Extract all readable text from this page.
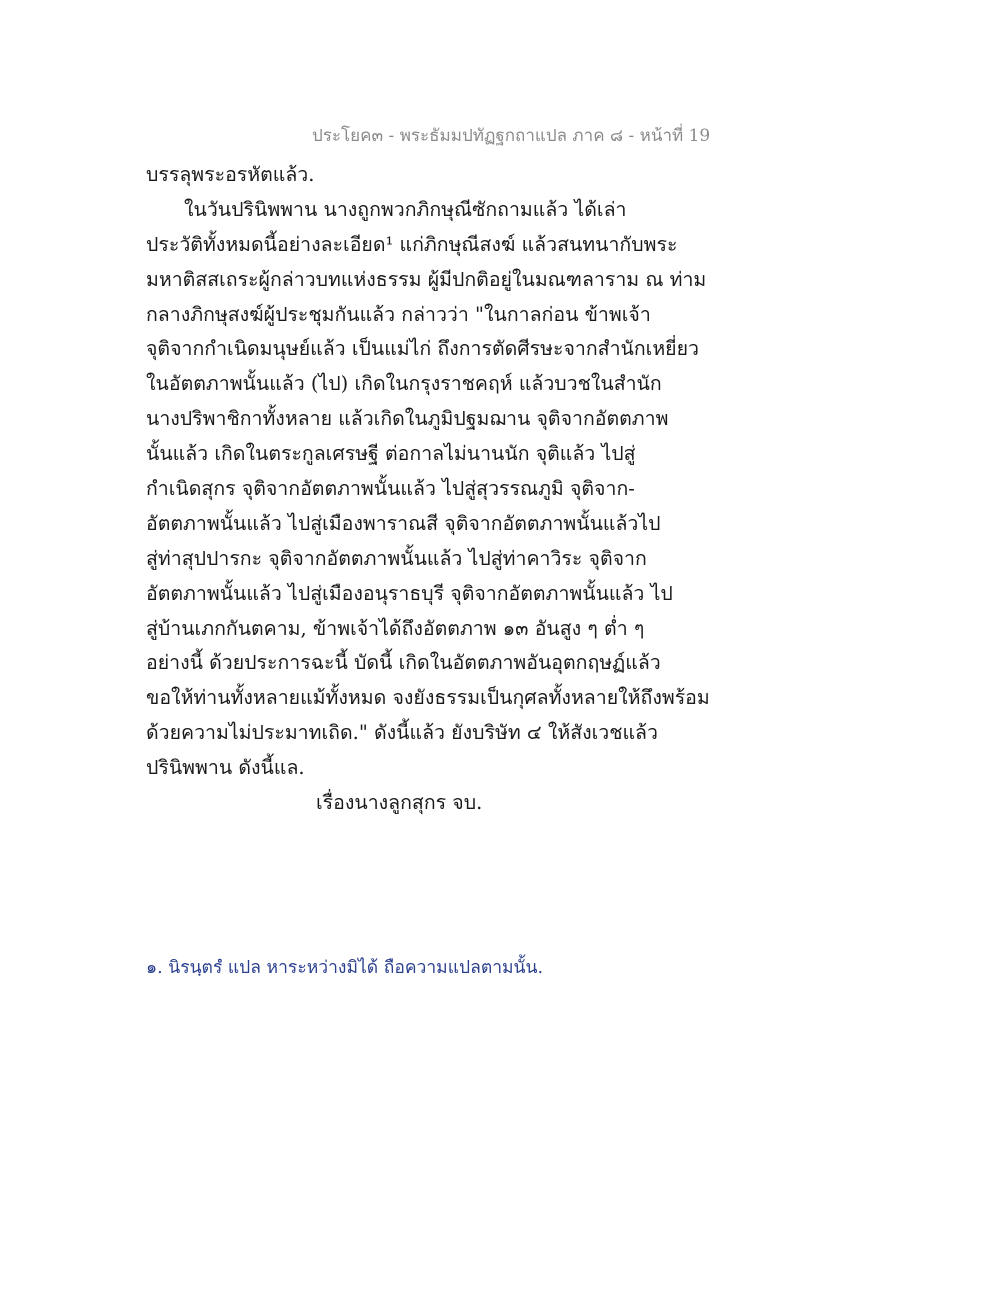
ประโยค๓ - พระธัมมปทัฏฐกถาแปล ภาค ๘ - หน้าที่ 19
บรรลุพระอรหัตแล้ว.
ในวันปรินิพพาน นางถูกพวกภิกษุณีซักถามแล้ว ได้เล่า
ประวัติทั้งหมดนี้อย่างละเอียด¹ แก่ภิกษุณีสงฆ์ แล้วสนทนากับพระ
มหาติสสเถระผู้กล่าวบทแห่งธรรม ผู้มีปกติอยู่ในมณฑลาราม ณ ท่าม
กลางภิกษุสงฆ์ผู้ประชุมกันแล้ว กล่าวว่า "ในกาลก่อน ข้าพเจ้า
จุติจากกำเนิดมนุษย์แล้ว เป็นแม่ไก่ ถึงการตัดศีรษะจากสำนักเหยี่ยว
ในอัตตภาพนั้นแล้ว (ไป) เกิดในกรุงราชคฤห์ แล้วบวชในสำนัก
นางปริพาชิกาทั้งหลาย แล้วเกิดในภูมิปฐมฌาน จุติจากอัตตภาพ
นั้นแล้ว เกิดในตระกูลเศรษฐี ต่อกาลไม่นานนัก จุติแล้ว ไปสู่
กำเนิดสุกร จุติจากอัตตภาพนั้นแล้ว ไปสู่สุวรรณภูมิ จุติจาก-
อัตตภาพนั้นแล้ว ไปสู่เมืองพาราณสี จุติจากอัตตภาพนั้นแล้วไป
สู่ท่าสุปปารกะ จุติจากอัตตภาพนั้นแล้ว ไปสู่ท่าคาวิระ จุติจาก
อัตตภาพนั้นแล้ว ไปสู่เมืองอนุราธบุรี จุติจากอัตตภาพนั้นแล้ว ไป
สู่บ้านเภกกันตคาม, ข้าพเจ้าได้ถึงอัตตภาพ ๑๓ อันสูง ๆ ต่ำ ๆ
อย่างนี้ ด้วยประการฉะนี้ บัดนี้ เกิดในอัตตภาพอันอุตกฤษฏ์แล้ว
ขอให้ท่านทั้งหลายแม้ทั้งหมด จงยังธรรมเป็นกุศลทั้งหลายให้ถึงพร้อม
ด้วยความไม่ประมาทเถิด." ดังนี้แล้ว ยังบริษัท ๔ ให้สังเวชแล้ว
ปรินิพพาน ดังนี้แล.
เรื่องนางลูกสุกร จบ.
๑. นิรนฺตรํ แปล หาระหว่างมิได้ ถือความแปลตามนั้น.
